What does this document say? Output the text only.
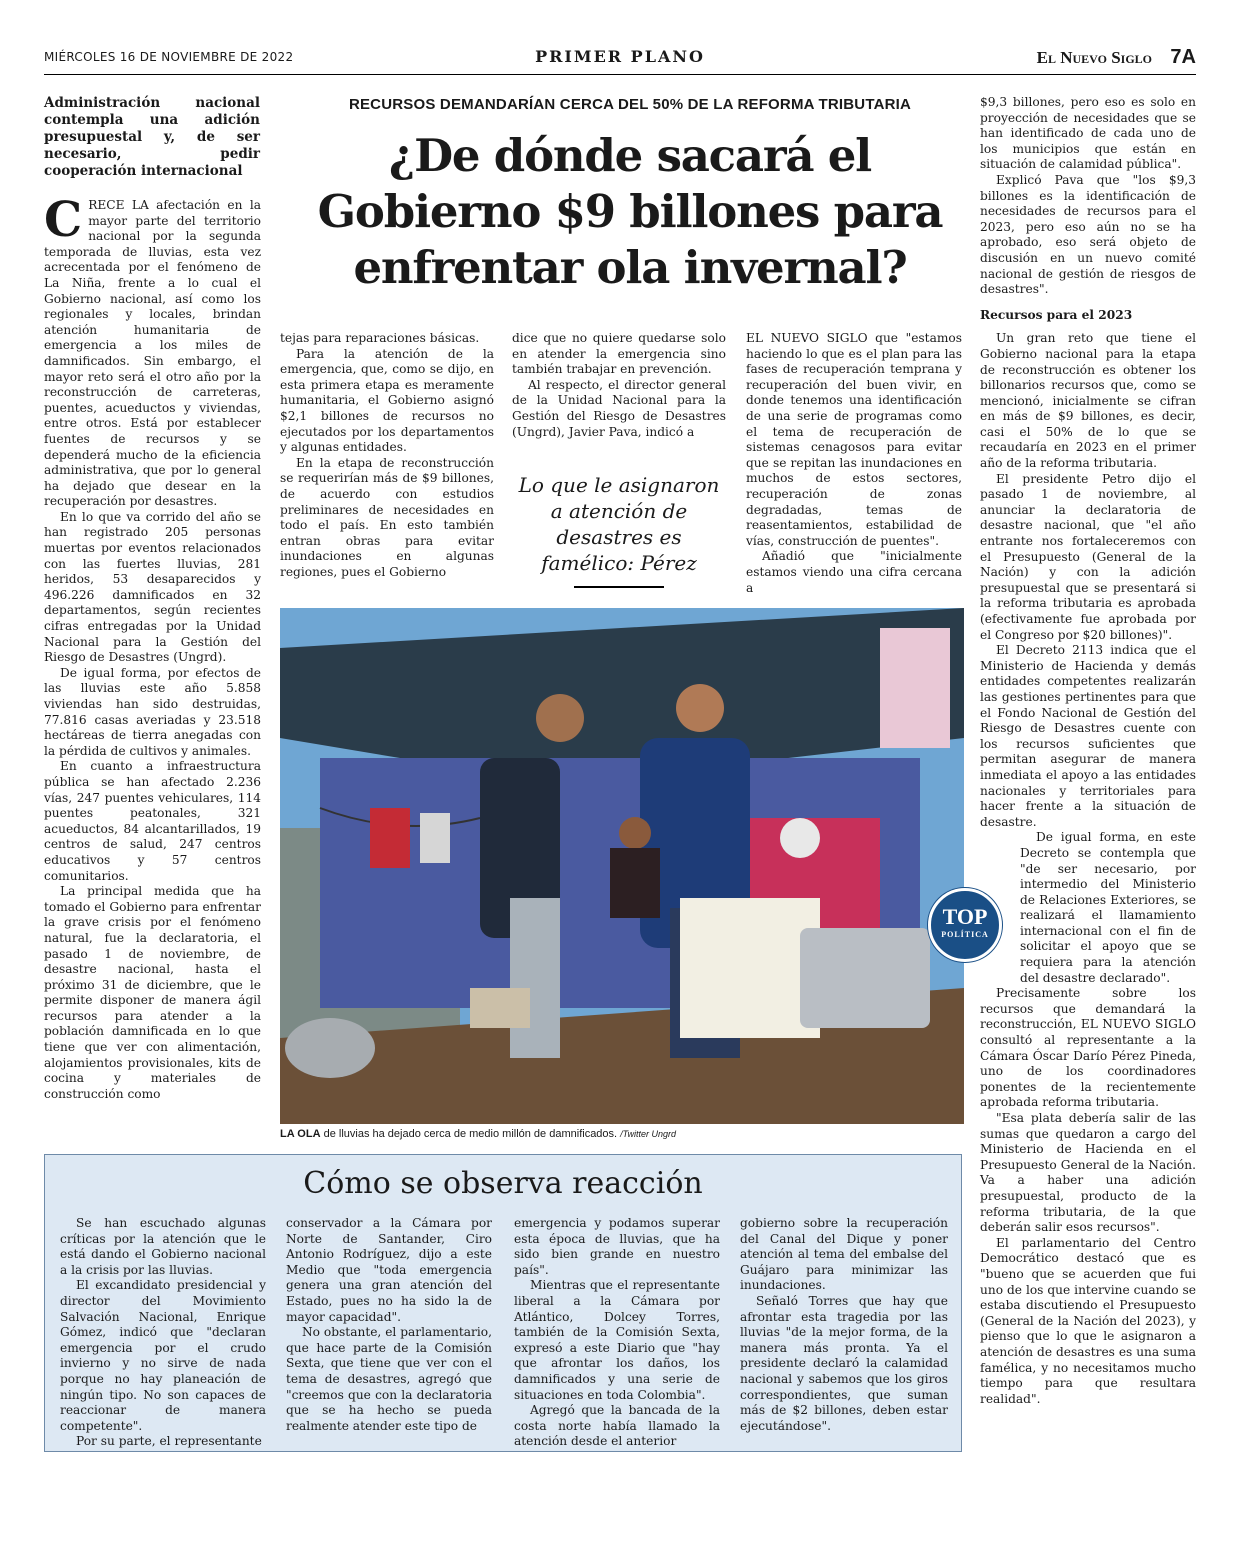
MIÉRCOLES 16 DE NOVIEMBRE DE 2022	PRIMER PLANO	El Nuevo Siglo 7A
Administración nacional contempla una adición presupuestal y, de ser necesario, pedir cooperación internacional

CRECE LA afectación en la mayor parte del territorio nacional por la segunda temporada de lluvias, esta vez acrecentada por el fenómeno de La Niña, frente a lo cual el Gobierno nacional, así como los regionales y locales, brindan atención humanitaria de emergencia a los miles de damnificados. Sin embargo, el mayor reto será el otro año por la reconstrucción de carreteras, puentes, acueductos y viviendas, entre otros. Está por establecer fuentes de recursos y se dependerá mucho de la eficiencia administrativa, que por lo general ha dejado que desear en la recuperación por desastres.

En lo que va corrido del año se han registrado 205 personas muertas por eventos relacionados con las fuertes lluvias, 281 heridos, 53 desaparecidos y 496.226 damnificados en 32 departamentos, según recientes cifras entregadas por la Unidad Nacional para la Gestión del Riesgo de Desastres (Ungrd).

De igual forma, por efectos de las lluvias este año 5.858 viviendas han sido destruidas, 77.816 casas averiadas y 23.518 hectáreas de tierra anegadas con la pérdida de cultivos y animales.

En cuanto a infraestructura pública se han afectado 2.236 vías, 247 puentes vehiculares, 114 puentes peatonales, 321 acueductos, 84 alcantarillados, 19 centros de salud, 247 centros educativos y 57 centros comunitarios.

La principal medida que ha tomado el Gobierno para enfrentar la grave crisis por el fenómeno natural, fue la declaratoria, el pasado 1 de noviembre, de desastre nacional, hasta el próximo 31 de diciembre, que le permite disponer de manera ágil recursos para atender a la población damnificada en lo que tiene que ver con alimentación, alojamientos provisionales, kits de cocina y materiales de construcción como

RECURSOS DEMANDARÍAN CERCA DEL 50% DE LA REFORMA TRIBUTARIA
¿De dónde sacará el Gobierno $9 billones para enfrentar ola invernal?

tejas para reparaciones básicas.

Para la atención de la emergencia, que, como se dijo, en esta primera etapa es meramente humanitaria, el Gobierno asignó $2,1 billones de recursos no ejecutados por los departamentos y algunas entidades.

En la etapa de reconstrucción se requerirían más de $9 billones, de acuerdo con estudios preliminares de necesidades en todo el país. En esto también entran obras para evitar inundaciones en algunas regiones, pues el Gobierno

dice que no quiere quedarse solo en atender la emergencia sino también trabajar en prevención.

Al respecto, el director general de la Unidad Nacional para la Gestión del Riesgo de Desastres (Ungrd), Javier Pava, indicó a

Lo que le asignaron a atención de desastres es famélico: Pérez

EL NUEVO SIGLO que "estamos haciendo lo que es el plan para las fases de recuperación temprana y recuperación del buen vivir, en donde tenemos una identificación de una serie de programas como el tema de recuperación de sistemas cenagosos para evitar que se repitan las inundaciones en muchos de estos sectores, recuperación de zonas degradadas, temas de reasentamientos, estabilidad de vías, construcción de puentes".

Añadió que "inicialmente estamos viendo una cifra cercana a

$9,3 billones, pero eso es solo en proyección de necesidades que se han identificado de cada uno de los municipios que están en situación de calamidad pública".

Explicó Pava que "los $9,3 billones es la identificación de necesidades de recursos para el 2023, pero eso aún no se ha aprobado, eso será objeto de discusión en un nuevo comité nacional de gestión de riesgos de desastres".

Recursos para el 2023

Un gran reto que tiene el Gobierno nacional para la etapa de reconstrucción es obtener los billonarios recursos que, como se mencionó, inicialmente se cifran en más de $9 billones, es decir, casi el 50% de lo que se recaudaría en 2023 en el primer año de la reforma tributaria.

El presidente Petro dijo el pasado 1 de noviembre, al anunciar la declaratoria de desastre nacional, que "el año entrante nos fortaleceremos con el Presupuesto (General de la Nación) y con la adición presupuestal que se presentará si la reforma tributaria es aprobada (efectivamente fue aprobada por el Congreso por $20 billones)".

El Decreto 2113 indica que el Ministerio de Hacienda y demás entidades competentes realizarán las gestiones pertinentes para que el Fondo Nacional de Gestión del Riesgo de Desastres cuente con los recursos suficientes que permitan asegurar de manera inmediata el apoyo a las entidades nacionales y territoriales para hacer frente a la situación de desastre.

De igual forma, en este Decreto se contempla que "de ser necesario, por intermedio del Ministerio de Relaciones Exteriores, se realizará el llamamiento internacional con el fin de solicitar el apoyo que se requiera para la atención del desastre declarado".

Precisamente sobre los recursos que demandará la reconstrucción, EL NUEVO SIGLO consultó al representante a la Cámara Óscar Darío Pérez Pineda, uno de los coordinadores ponentes de la recientemente aprobada reforma tributaria.

"Esa plata debería salir de las sumas que quedaron a cargo del Ministerio de Hacienda en el Presupuesto General de la Nación. Va a haber una adición presupuestal, producto de la reforma tributaria, de la que deberán salir esos recursos".

El parlamentario del Centro Democrático destacó que es "bueno que se acuerden que fui uno de los que intervine cuando se estaba discutiendo el Presupuesto (General de la Nación del 2023), y pienso que lo que le asignaron a atención de desastres es una suma famélica, y no necesitamos mucho tiempo para que resultara realidad".

LA OLA de lluvias ha dejado cerca de medio millón de damnificados. /Twitter Ungrd
TOP
POLÍTICA
Cómo se observa reacción

Se han escuchado algunas críticas por la atención que le está dando el Gobierno nacional a la crisis por las lluvias.

El excandidato presidencial y director del Movimiento Salvación Nacional, Enrique Gómez, indicó que "declaran emergencia por el crudo invierno y no sirve de nada porque no hay planeación de ningún tipo. No son capaces de reaccionar de manera competente".

Por su parte, el representante

conservador a la Cámara por Norte de Santander, Ciro Antonio Rodríguez, dijo a este Medio que "toda emergencia genera una gran atención del Estado, pues no ha sido la de mayor capacidad".

No obstante, el parlamentario, que hace parte de la Comisión Sexta, que tiene que ver con el tema de desastres, agregó que "creemos que con la declaratoria que se ha hecho se pueda realmente atender este tipo de

emergencia y podamos superar esta época de lluvias, que ha sido bien grande en nuestro país".

Mientras que el representante liberal a la Cámara por Atlántico, Dolcey Torres, también de la Comisión Sexta, expresó a este Diario que "hay que afrontar los daños, los damnificados y una serie de situaciones en toda Colombia".

Agregó que la bancada de la costa norte había llamado la atención desde el anterior

gobierno sobre la recuperación del Canal del Dique y poner atención al tema del embalse del Guájaro para minimizar las inundaciones.

Señaló Torres que hay que afrontar esta tragedia por las lluvias "de la mejor forma, de la manera más pronta. Ya el presidente declaró la calamidad nacional y sabemos que los giros correspondientes, que suman más de $2 billones, deben estar ejecutándose".
